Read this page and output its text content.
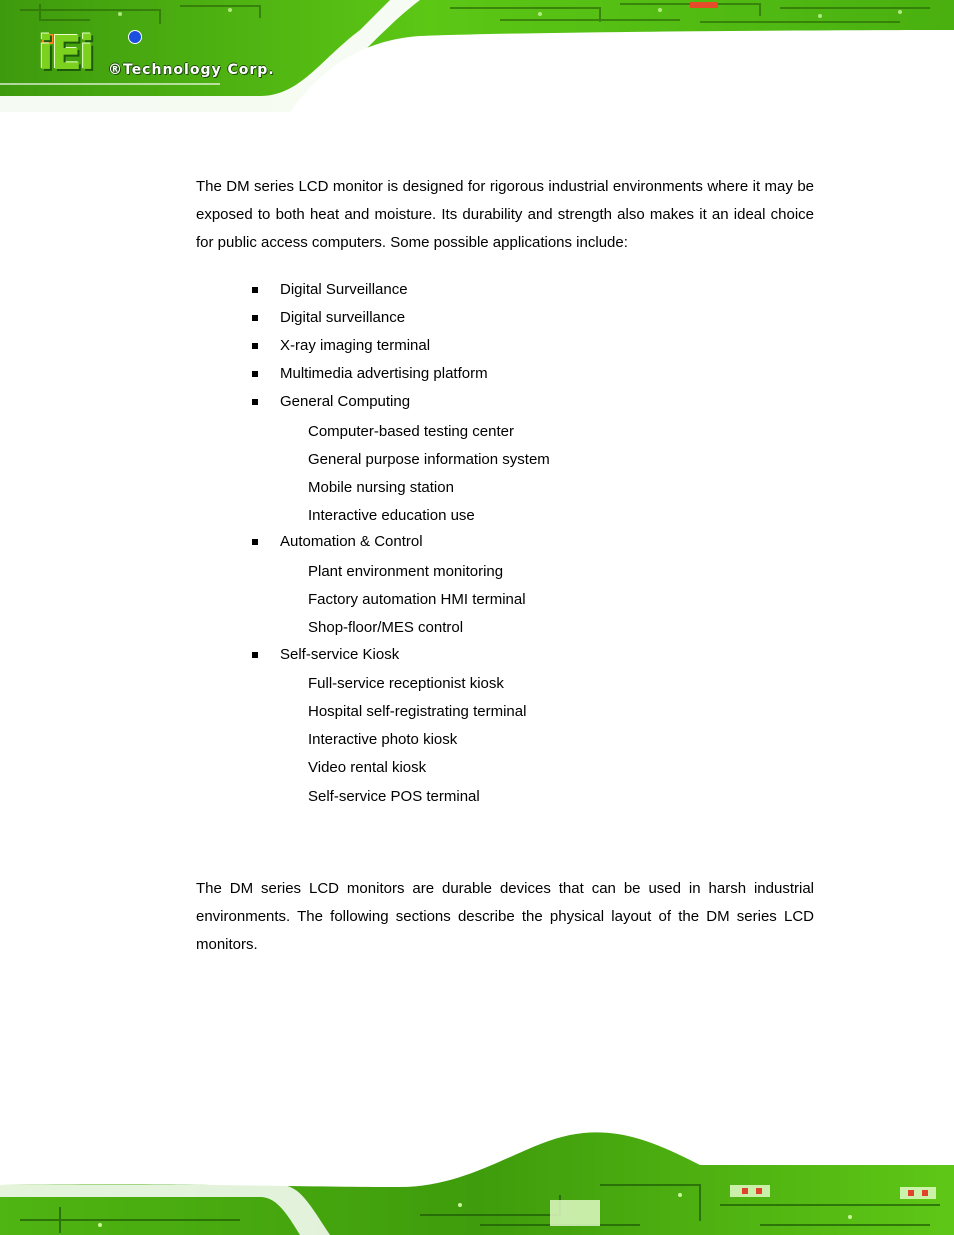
iEi ®Technology Corp.

The DM series LCD monitor is designed for rigorous industrial environments where it may be exposed to both heat and moisture. Its durability and strength also makes it an ideal choice for public access computers. Some possible applications include:

Digital Surveillance
Digital surveillance
X-ray imaging terminal
Multimedia advertising platform
General Computing
Computer-based testing center
General purpose information system
Mobile nursing station
Interactive education use
Automation & Control
Plant environment monitoring
Factory automation HMI terminal
Shop-floor/MES control
Self-service Kiosk
Full-service receptionist kiosk
Hospital self-registrating terminal
Interactive photo kiosk
Video rental kiosk
Self-service POS terminal

The DM series LCD monitors are durable devices that can be used in harsh industrial environments. The following sections describe the physical layout of the DM series LCD monitors.
